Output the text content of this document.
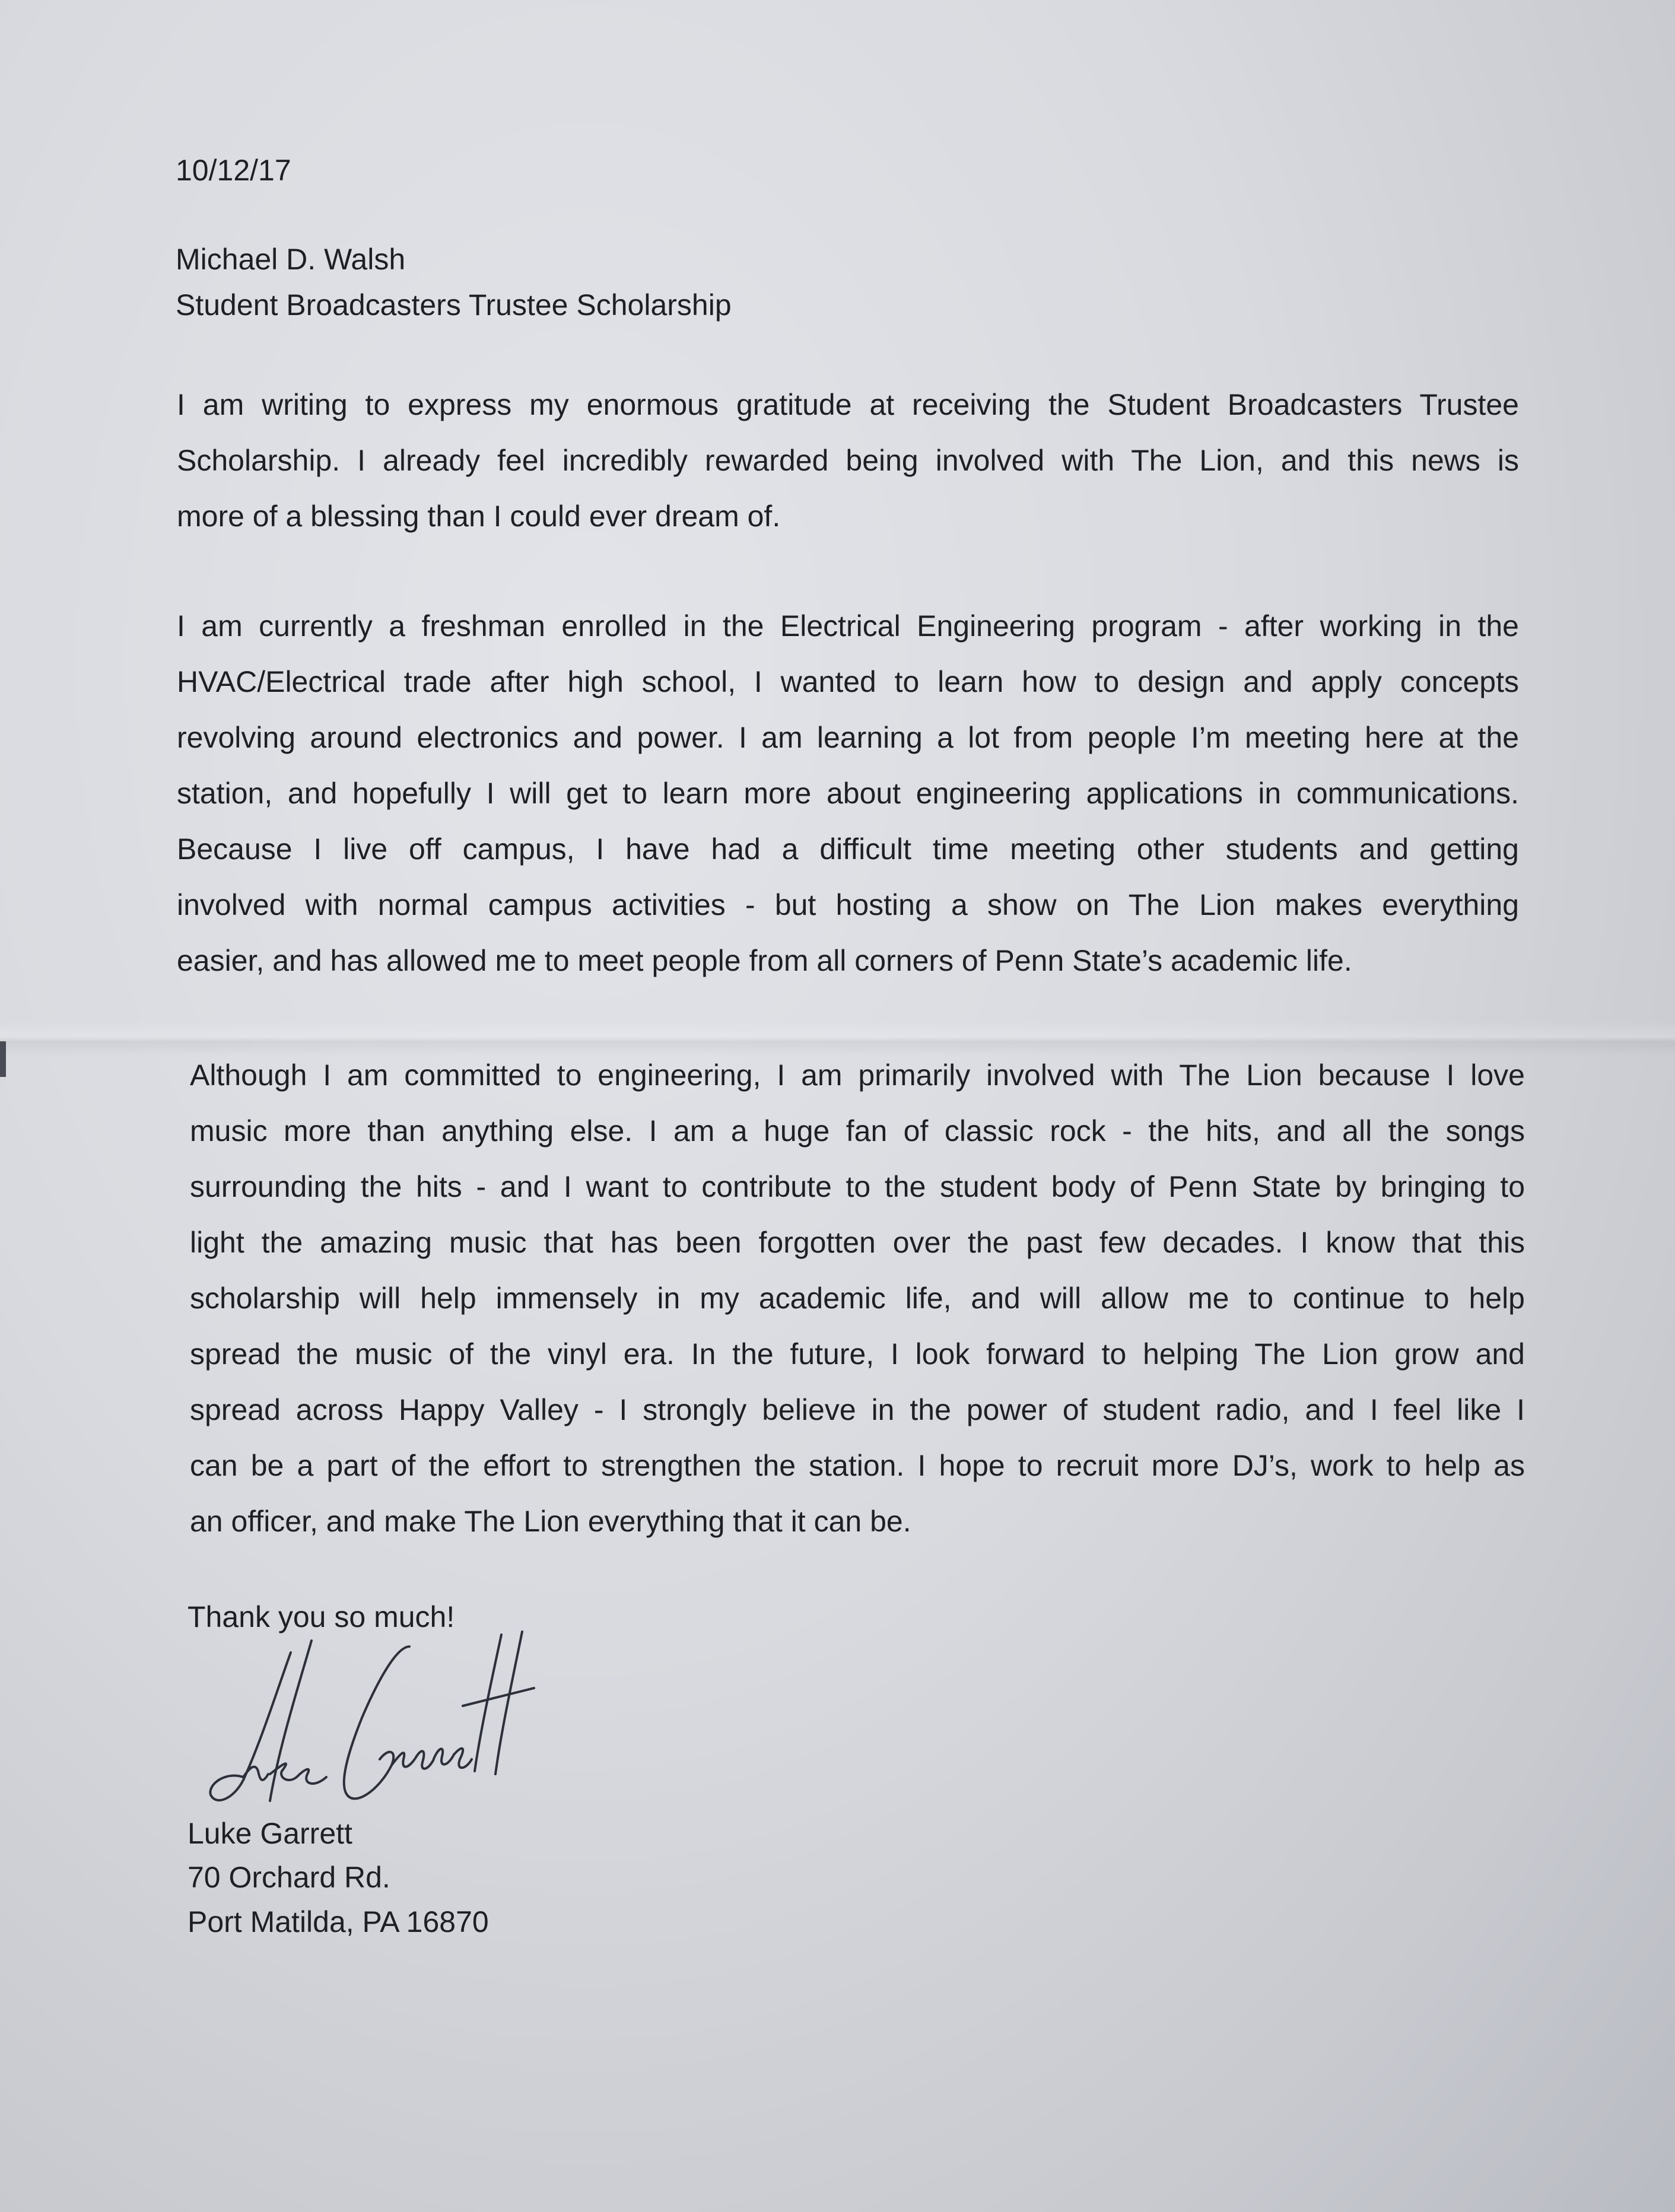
10/12/17
Michael D. Walsh
Student Broadcasters Trustee Scholarship
I am writing to express my enormous gratitude at receiving the Student Broadcasters Trustee
Scholarship. I already feel incredibly rewarded being involved with The Lion, and this news is
more of a blessing than I could ever dream of.
I am currently a freshman enrolled in the Electrical Engineering program - after working in the
HVAC/Electrical trade after high school, I wanted to learn how to design and apply concepts
revolving around electronics and power. I am learning a lot from people I’m meeting here at the
station, and hopefully I will get to learn more about engineering applications in communications.
Because I live off campus, I have had a difficult time meeting other students and getting
involved with normal campus activities - but hosting a show on The Lion makes everything
easier, and has allowed me to meet people from all corners of Penn State’s academic life.
Although I am committed to engineering, I am primarily involved with The Lion because I love
music more than anything else. I am a huge fan of classic rock - the hits, and all the songs
surrounding the hits - and I want to contribute to the student body of Penn State by bringing to
light the amazing music that has been forgotten over the past few decades. I know that this
scholarship will help immensely in my academic life, and will allow me to continue to help
spread the music of the vinyl era. In the future, I look forward to helping The Lion grow and
spread across Happy Valley - I strongly believe in the power of student radio, and I feel like I
can be a part of the effort to strengthen the station. I hope to recruit more DJ’s, work to help as
an officer, and make The Lion everything that it can be.
Thank you so much!
Luke Garrett
70 Orchard Rd.
Port Matilda, PA 16870
